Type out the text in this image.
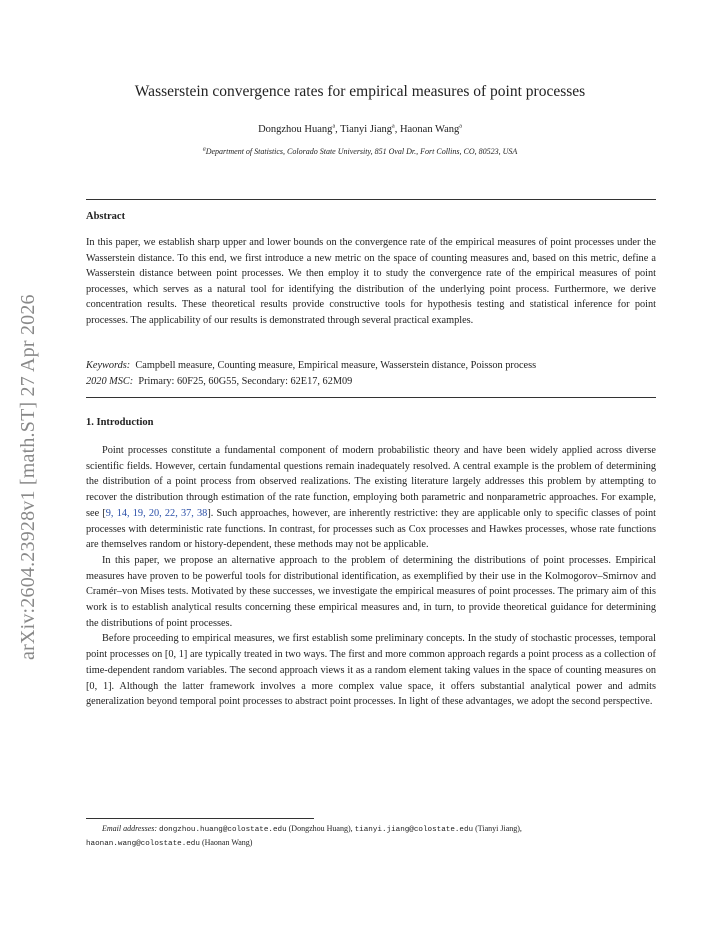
arXiv:2604.23928v1 [math.ST] 27 Apr 2026
Wasserstein convergence rates for empirical measures of point processes
Dongzhou Huang$^a$, Tianyi Jiang$^a$, Haonan Wang$^a$
$^a$Department of Statistics, Colorado State University, 851 Oval Dr., Fort Collins, CO, 80523, USA
Abstract
In this paper, we establish sharp upper and lower bounds on the convergence rate of the empirical measures of point processes under the Wasserstein distance. To this end, we first introduce a new metric on the space of counting measures and, based on this metric, define a Wasserstein distance between point processes. We then employ it to study the convergence rate of the empirical measures of point processes, which serves as a natural tool for identifying the distribution of the underlying point process. Furthermore, we derive concentration results. These theoretical results provide constructive tools for hypothesis testing and statistical inference for point processes. The applicability of our results is demonstrated through several practical examples.
Keywords: Campbell measure, Counting measure, Empirical measure, Wasserstein distance, Poisson process
2020 MSC: Primary: 60F25, 60G55, Secondary: 62E17, 62M09
1. Introduction

Point processes constitute a fundamental component of modern probabilistic theory and have been widely applied across diverse scientific fields. However, certain fundamental questions remain inadequately resolved. A central example is the problem of determining the distribution of a point process from observed realizations. The existing literature largely addresses this problem by attempting to recover the distribution through estimation of the rate function, employing both parametric and nonparametric approaches. For example, see [9, 14, 19, 20, 22, 37, 38]. Such approaches, however, are inherently restrictive: they are applicable only to specific classes of point processes with deterministic rate functions. In contrast, for processes such as Cox processes and Hawkes processes, whose rate functions are themselves random or history-dependent, these methods may not be applicable.

In this paper, we propose an alternative approach to the problem of determining the distributions of point processes. Empirical measures have proven to be powerful tools for distributional identification, as exemplified by their use in the Kolmogorov–Smirnov and Cramér–von Mises tests. Motivated by these successes, we investigate the empirical measures of point processes. The primary aim of this work is to establish analytical results concerning these empirical measures and, in turn, to provide theoretical guidance for determining the distributions of point processes.

Before proceeding to empirical measures, we first establish some preliminary concepts. In the study of stochastic processes, temporal point processes on [0, 1] are typically treated in two ways. The first and more common approach regards a point process as a collection of time-dependent random variables. The second approach views it as a random element taking values in the space of counting measures on [0, 1]. Although the latter framework involves a more complex value space, it offers substantial analytical power and admits generalization beyond temporal point processes to abstract point processes. In light of these advantages, we adopt the second perspective.

Email addresses: dongzhou.huang@colostate.edu (Dongzhou Huang), tianyi.jiang@colostate.edu (Tianyi Jiang),
haonan.wang@colostate.edu (Haonan Wang)
